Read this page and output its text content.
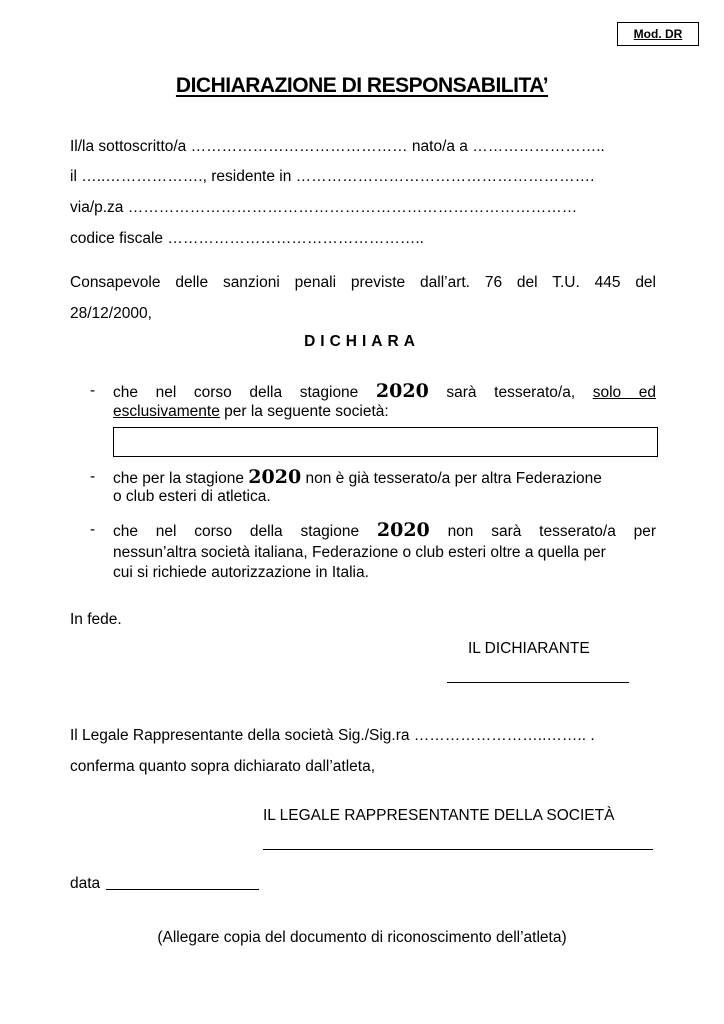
Mod. DR
DICHIARAZIONE DI RESPONSABILITA’
Il/la sottoscritto/a …………………………………… nato/a a ……………………..
il …..………………., residente in ………………………………………………….
via/p.za ……………………………………………………………………………
codice fiscale …………………………………………..
Consapevole delle sanzioni penali previste dall’art. 76 del T.U. 445 del
28/12/2000,
DICHIARA
- che nel corso della stagione 2020 sarà tesserato/a, solo ed
esclusivamente per la seguente società:
- che per la stagione 2020 non è già tesserato/a per altra Federazione
o club esteri di atletica.
- che nel corso della stagione 2020 non sarà tesserato/a per
nessun’altra società italiana, Federazione o club esteri oltre a quella per
cui si richiede autorizzazione in Italia.
In fede.
IL DICHIARANTE
Il Legale Rappresentante della società Sig./Sig.ra ……………………..…….. .
conferma quanto sopra dichiarato dall’atleta,
IL LEGALE RAPPRESENTANTE DELLA SOCIETÀ
data
(Allegare copia del documento di riconoscimento dell’atleta)
